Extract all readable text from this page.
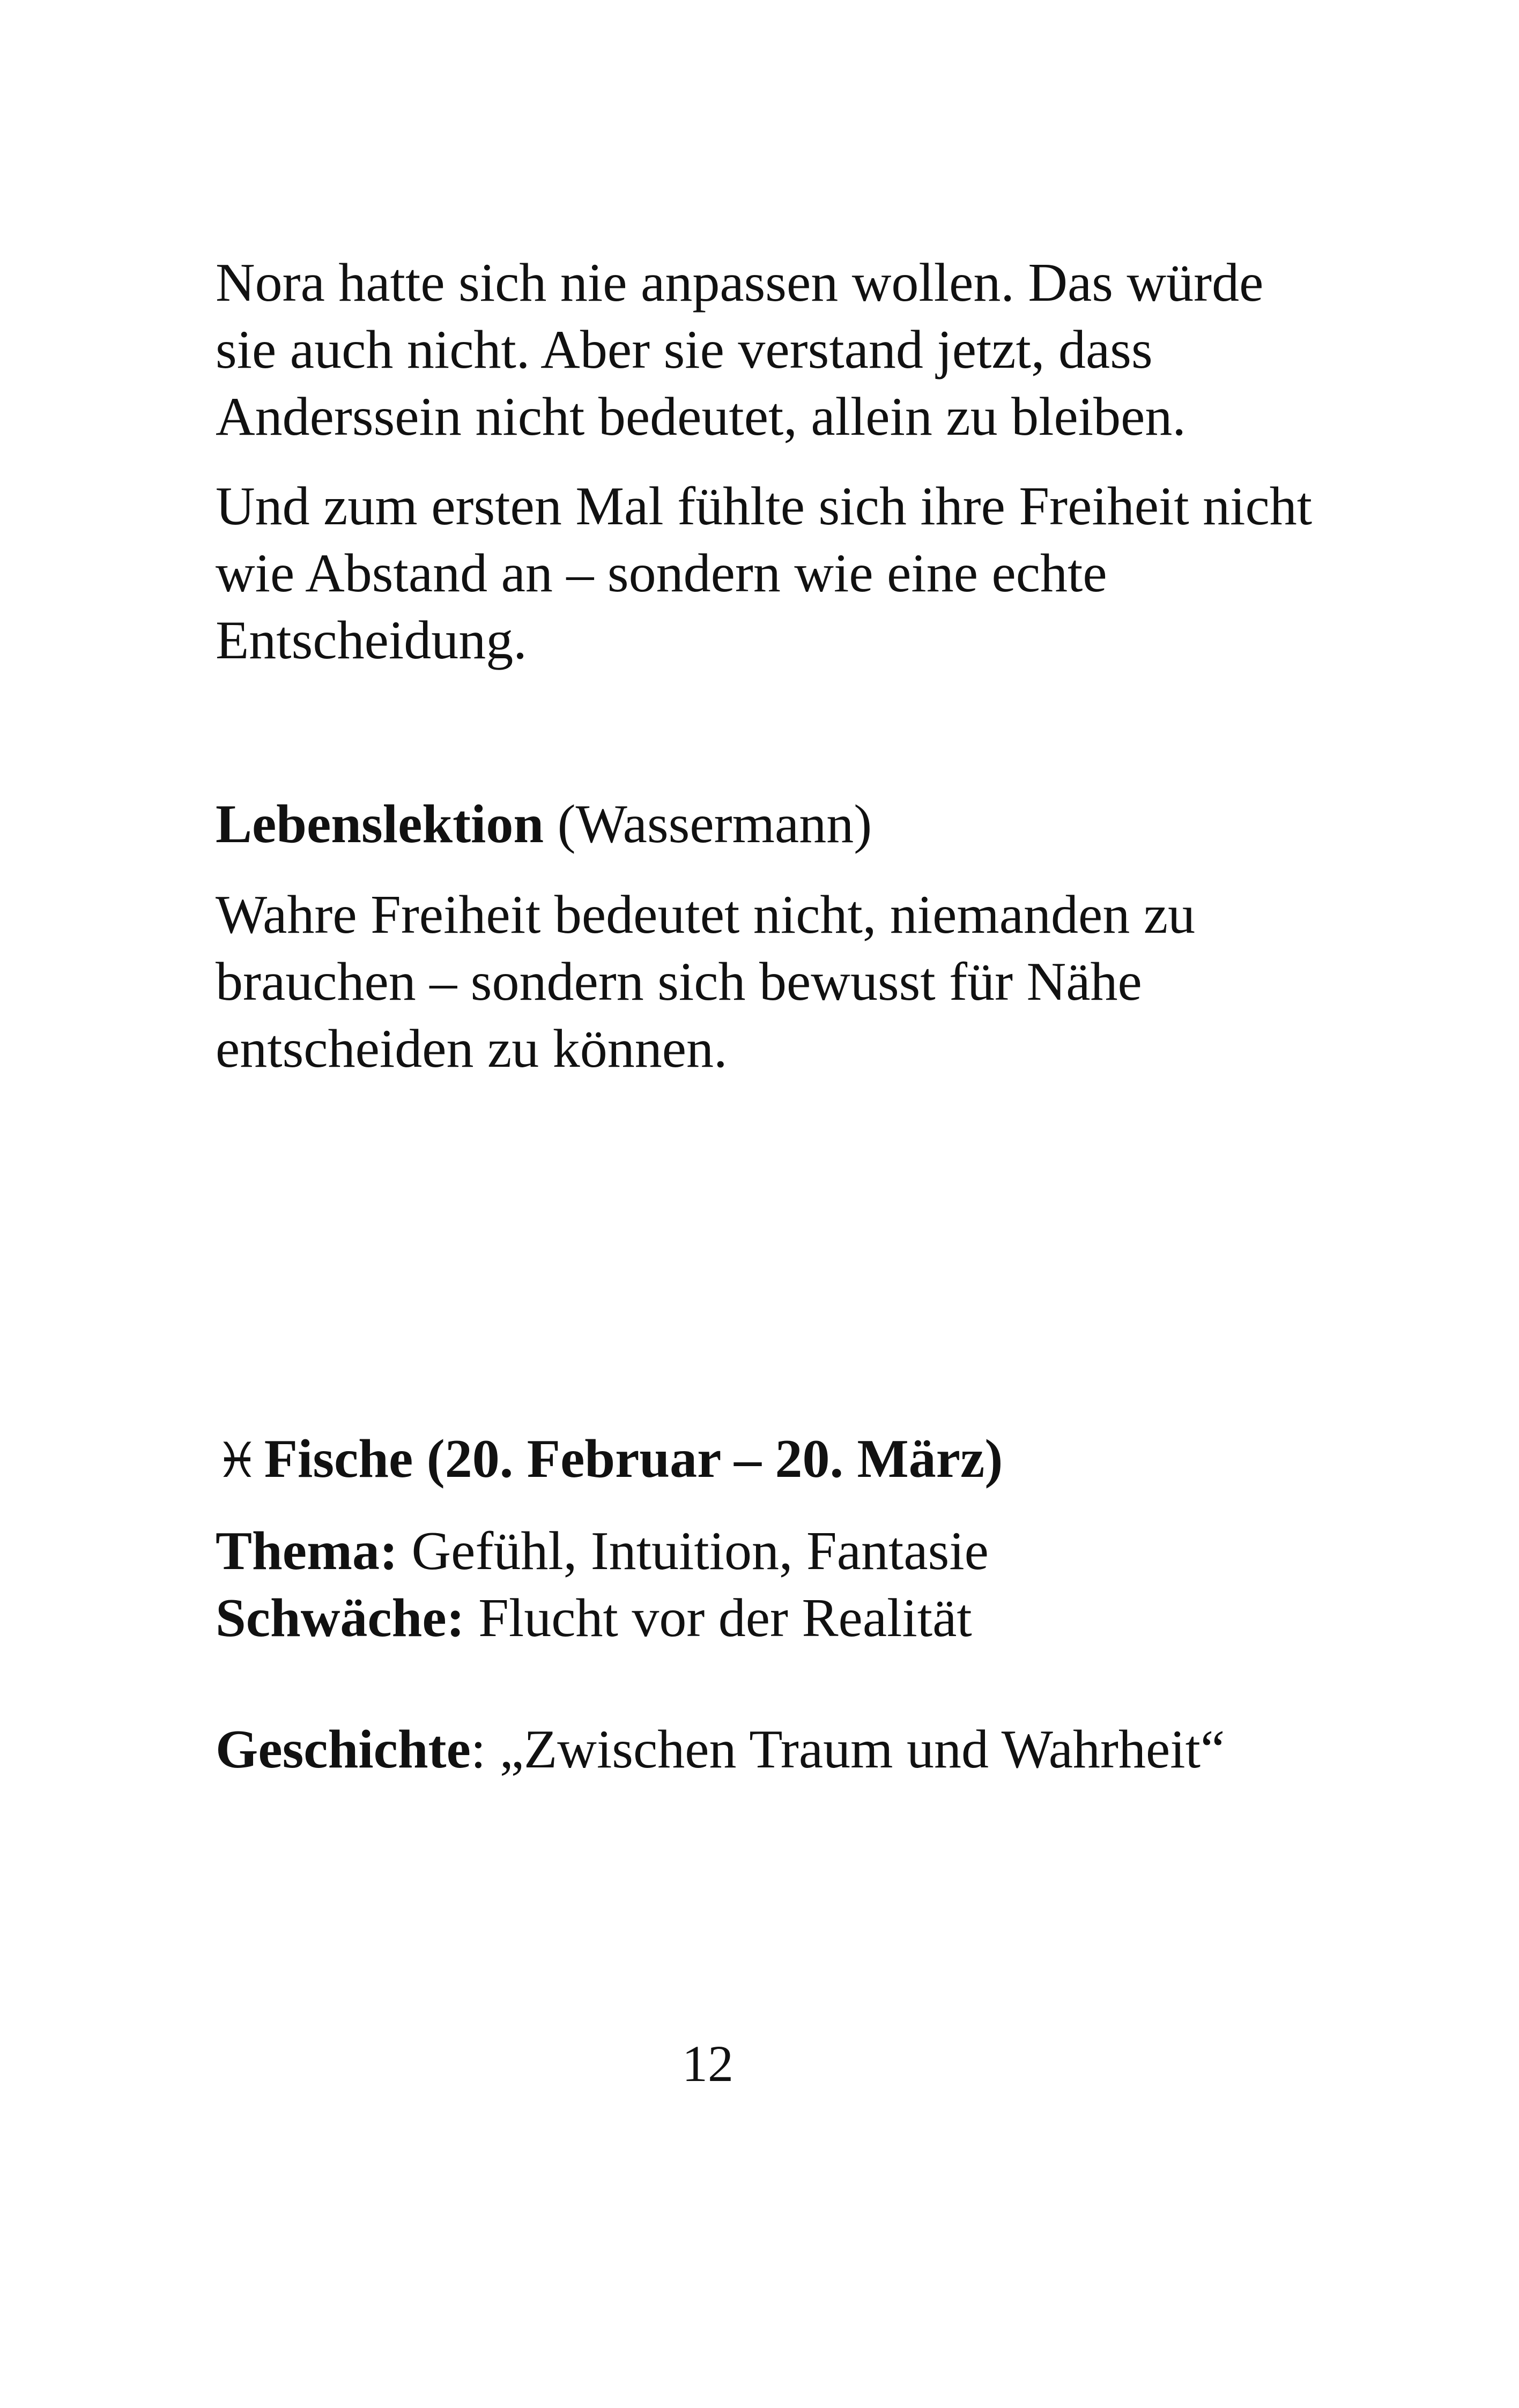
Nora hatte sich nie anpassen wollen. Das würde sie auch nicht. Aber sie verstand jetzt, dass Anderssein nicht bedeutet, allein zu bleiben.

Und zum ersten Mal fühlte sich ihre Freiheit nicht wie Abstand an – sondern wie eine echte Entscheidung.

Lebenslektion (Wassermann)

Wahre Freiheit bedeutet nicht, niemanden zu brauchen – sondern sich bewusst für Nähe entscheiden zu können.

♓Fische (20. Februar – 20. März)

Thema: Gefühl, Intuition, Fantasie
Schwäche: Flucht vor der Realität

Geschichte: „Zwischen Traum und Wahrheit“

12
